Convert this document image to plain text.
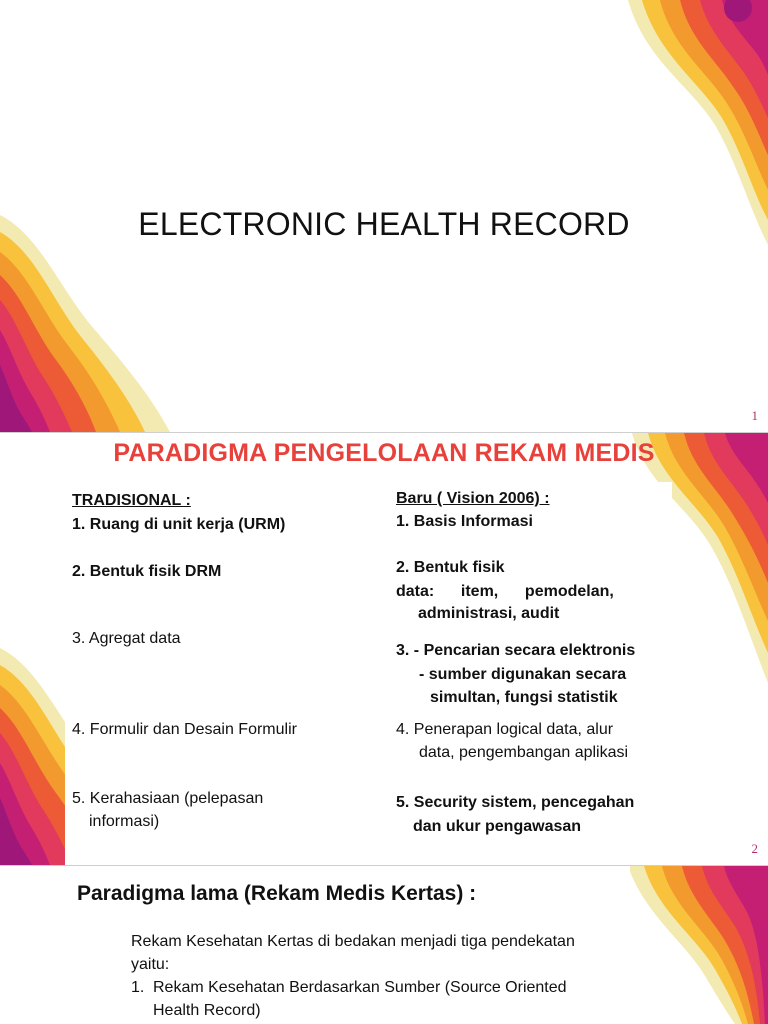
ELECTRONIC HEALTH RECORD
1
PARADIGMA PENGELOLAAN REKAM MEDIS
TRADISIONAL :
1. Ruang di unit kerja (URM)
2. Bentuk fisik DRM
3. Agregat data
4. Formulir dan Desain Formulir
5. Kerahasiaan (pelepasan
informasi)
Baru ( Vision 2006) :
1. Basis Informasi
2. Bentuk fisik
data:      item,      pemodelan,
administrasi, audit
3. - Pencarian secara elektronis
- sumber digunakan secara
simultan, fungsi statistik
4. Penerapan logical data, alur
data, pengembangan aplikasi
5. Security sistem, pencegahan
dan ukur pengawasan
2
Paradigma lama (Rekam Medis Kertas) :
Rekam Kesehatan Kertas di bedakan menjadi tiga pendekatan
yaitu:
1. Rekam Kesehatan Berdasarkan Sumber (Source Oriented
Health Record)
